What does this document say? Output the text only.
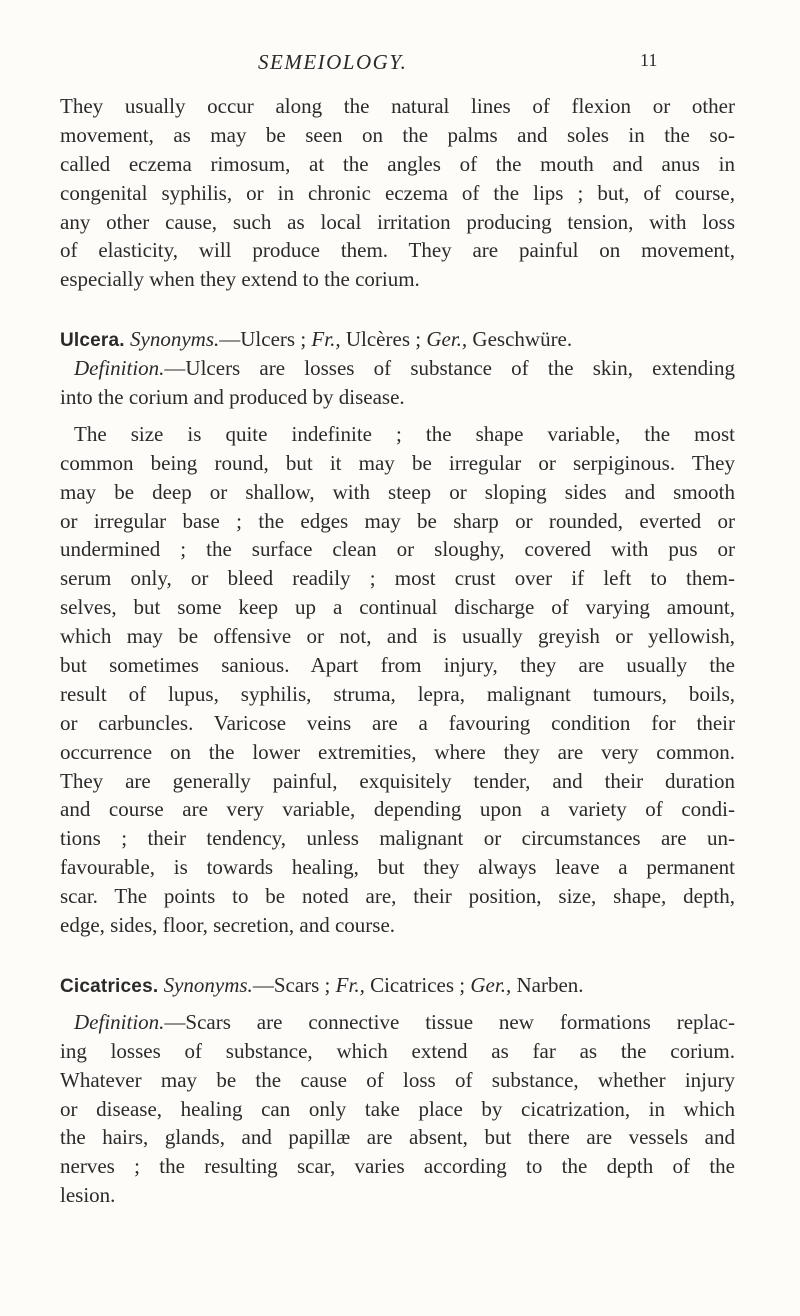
SEMEIOLOGY.	11
They usually occur along the natural lines of flexion or other
movement, as may be seen on the palms and soles in the so-
called eczema rimosum, at the angles of the mouth and anus in
congenital syphilis, or in chronic eczema of the lips ; but, of course,
any other cause, such as local irritation producing tension, with loss
of elasticity, will produce them. They are painful on movement,
especially when they extend to the corium.
Ulcera. Synonyms.—Ulcers ; Fr., Ulcères ; Ger., Geschwüre.
Definition.—Ulcers are losses of substance of the skin, extending
into the corium and produced by disease.
The size is quite indefinite ; the shape variable, the most
common being round, but it may be irregular or serpiginous. They
may be deep or shallow, with steep or sloping sides and smooth
or irregular base ; the edges may be sharp or rounded, everted or
undermined ; the surface clean or sloughy, covered with pus or
serum only, or bleed readily ; most crust over if left to them-
selves, but some keep up a continual discharge of varying amount,
which may be offensive or not, and is usually greyish or yellowish,
but sometimes sanious. Apart from injury, they are usually the
result of lupus, syphilis, struma, lepra, malignant tumours, boils,
or carbuncles. Varicose veins are a favouring condition for their
occurrence on the lower extremities, where they are very common.
They are generally painful, exquisitely tender, and their duration
and course are very variable, depending upon a variety of condi-
tions ; their tendency, unless malignant or circumstances are un-
favourable, is towards healing, but they always leave a permanent
scar. The points to be noted are, their position, size, shape, depth,
edge, sides, floor, secretion, and course.
Cicatrices. Synonyms.—Scars ; Fr., Cicatrices ; Ger., Narben.
Definition.—Scars are connective tissue new formations replac-
ing losses of substance, which extend as far as the corium.
Whatever may be the cause of loss of substance, whether injury
or disease, healing can only take place by cicatrization, in which
the hairs, glands, and papillæ are absent, but there are vessels and
nerves ; the resulting scar, varies according to the depth of the
lesion.
